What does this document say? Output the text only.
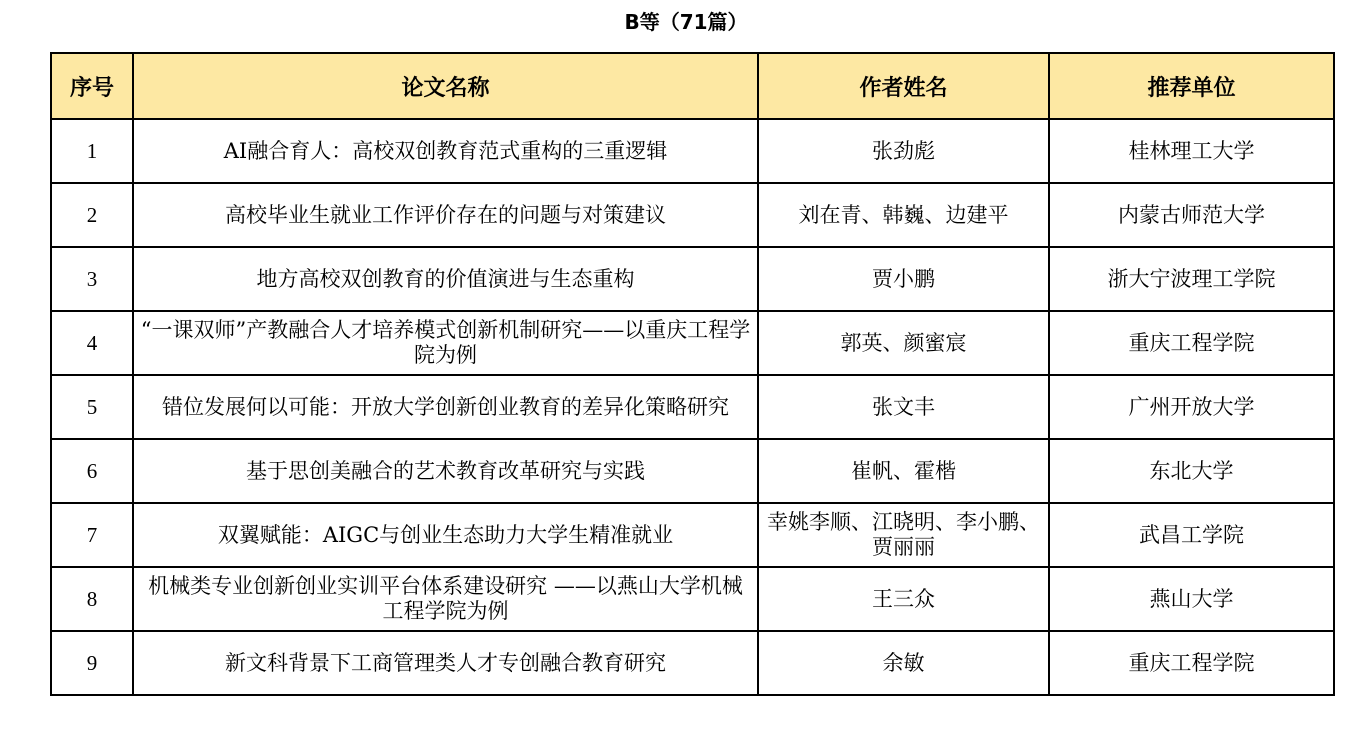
B等（71篇）
序号	论文名称	作者姓名	推荐单位
1	AI融合育人：高校双创教育范式重构的三重逻辑	张劲彪	桂林理工大学
2	高校毕业生就业工作评价存在的问题与对策建议	刘在青、韩巍、边建平	内蒙古师范大学
3	地方高校双创教育的价值演进与生态重构	贾小鹏	浙大宁波理工学院
4	“一课双师”产教融合人才培养模式创新机制研究——以重庆工程学院为例	郭英、颜蜜宸	重庆工程学院
5	错位发展何以可能：开放大学创新创业教育的差异化策略研究	张文丰	广州开放大学
6	基于思创美融合的艺术教育改革研究与实践	崔帆、霍楷	东北大学
7	双翼赋能：AIGC与创业生态助力大学生精准就业	幸姚李顺、江晓明、李小鹏、贾丽丽	武昌工学院
8	机械类专业创新创业实训平台体系建设研究 ——以燕山大学机械工程学院为例	王三众	燕山大学
9	新文科背景下工商管理类人才专创融合教育研究	余敏	重庆工程学院
